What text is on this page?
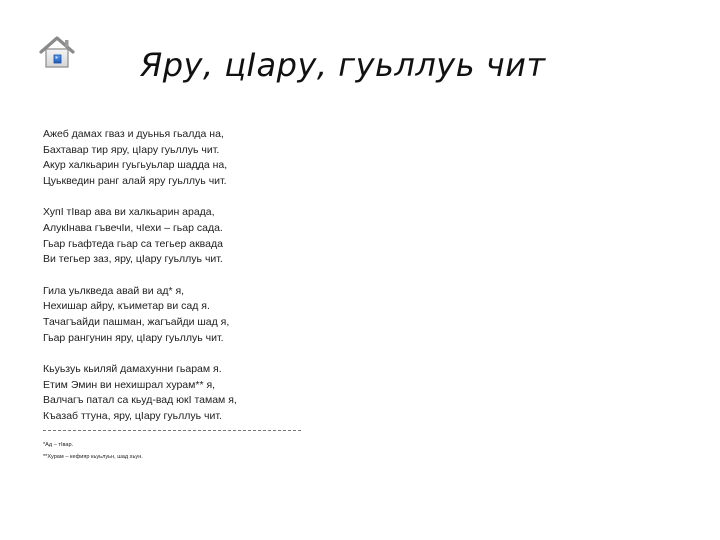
Яру, цӀару, гуьллуь чит
Ажеб дамах гваз и дуьнья гьалда на,
Бахтавар тир яру, цӀару гуьллуь чит.
Акур халкьарин гуьгьуьлар шадда на,
Цуькведин ранг алай яру гуьллуь чит.
ХупӀ тӀвар ава ви халкьарин арада,
АлукӀнава гъвечӀи, чӀехи – гьар сада.
Гьар гьафтеда гьар са тегьер аквада
Ви тегьер заз, яру, цӀару гуьллуь чит.
Гила уьлкведа авай ви ад* я,
Нехишар айру, къиметар ви сад я.
Тачагъайди пашман, жагъайди шад я,
Гьар рангунин яру, цӀару гуьллуь чит.
Кьуьзуь кьиляй дамахунни гьарам я.
Етим Эмин ви нехишрал хурам** я,
Валчагъ патал са кьуд-вад юкӀ тамам я,
Къазаб ттуна, яру, цӀару гуьллуь чит.
*Ад – тӀвар.
**Хурам – кефияр кьуьлуьн, шад хьун.
